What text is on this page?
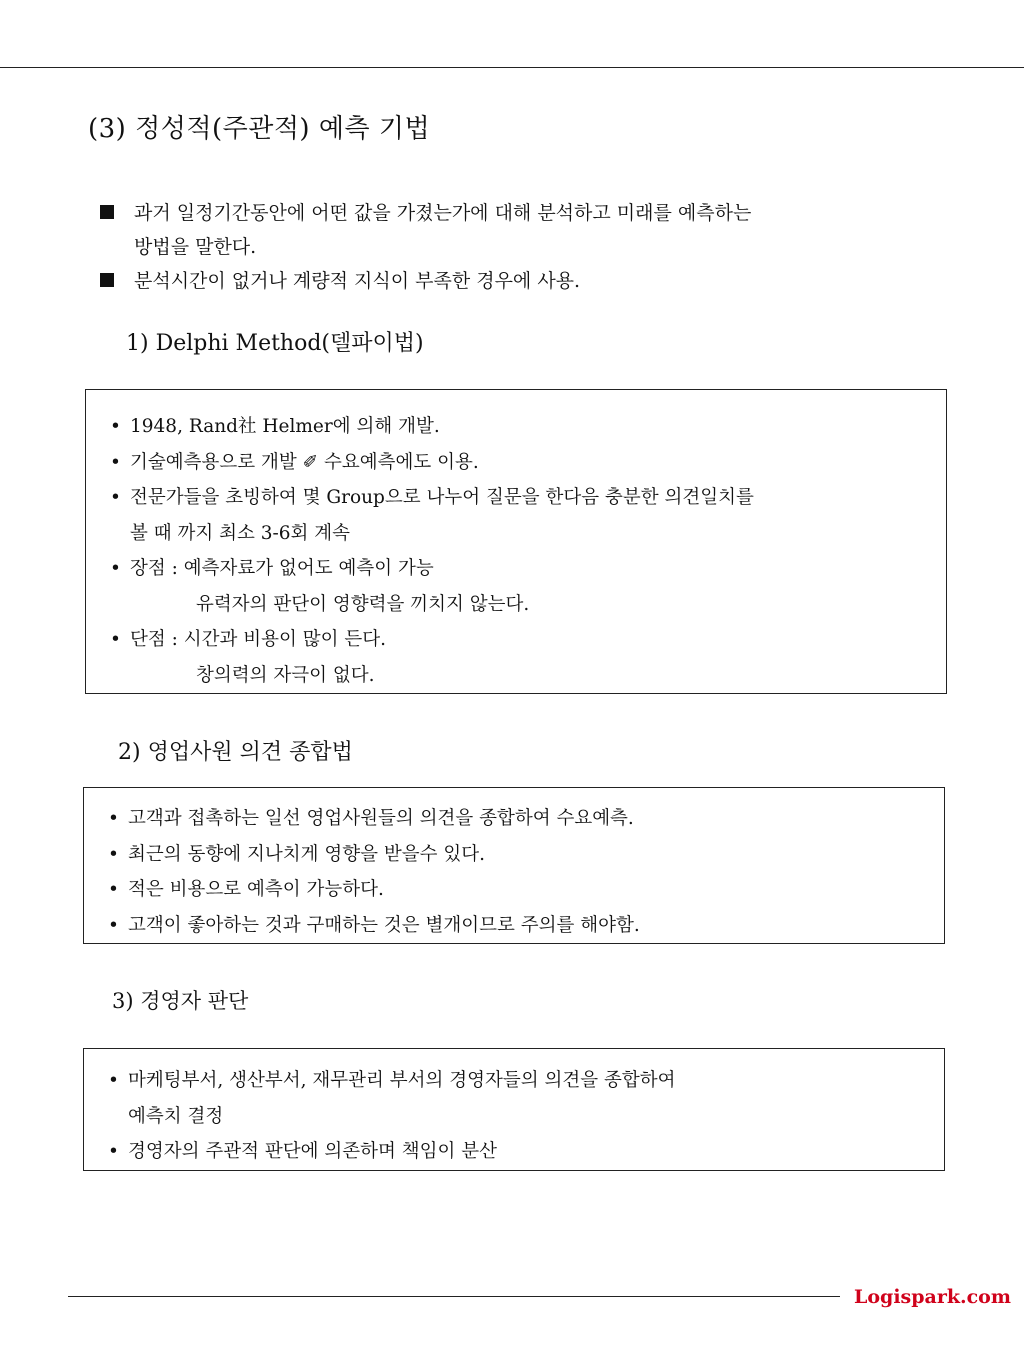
(3) 정성적(주관적) 예측 기법
과거 일정기간동안에 어떤 값을 가졌는가에 대해 분석하고 미래를 예측하는
방법을 말한다.
분석시간이 없거나 계량적 지식이 부족한 경우에 사용.
1) Delphi Method(델파이법)
• 1948, Rand社 Helmer에 의해 개발.
• 기술예측용으로 개발 ✐ 수요예측에도 이용.
• 전문가들을 초빙하여 몇 Group으로 나누어 질문을 한다음 충분한 의견일치를
볼 때 까지 최소 3-6회 계속
• 장점 : 예측자료가 없어도 예측이 가능
유력자의 판단이 영향력을 끼치지 않는다.
• 단점 : 시간과 비용이 많이 든다.
창의력의 자극이 없다.
2) 영업사원 의견 종합법
• 고객과 접촉하는 일선 영업사원들의 의견을 종합하여 수요예측.
• 최근의 동향에 지나치게 영향을 받을수 있다.
• 적은 비용으로 예측이 가능하다.
• 고객이 좋아하는 것과 구매하는 것은 별개이므로 주의를 해야함.
3) 경영자 판단
• 마케팅부서, 생산부서, 재무관리 부서의 경영자들의 의견을 종합하여
예측치 결정
• 경영자의 주관적 판단에 의존하며 책임이 분산
Logispark.com
